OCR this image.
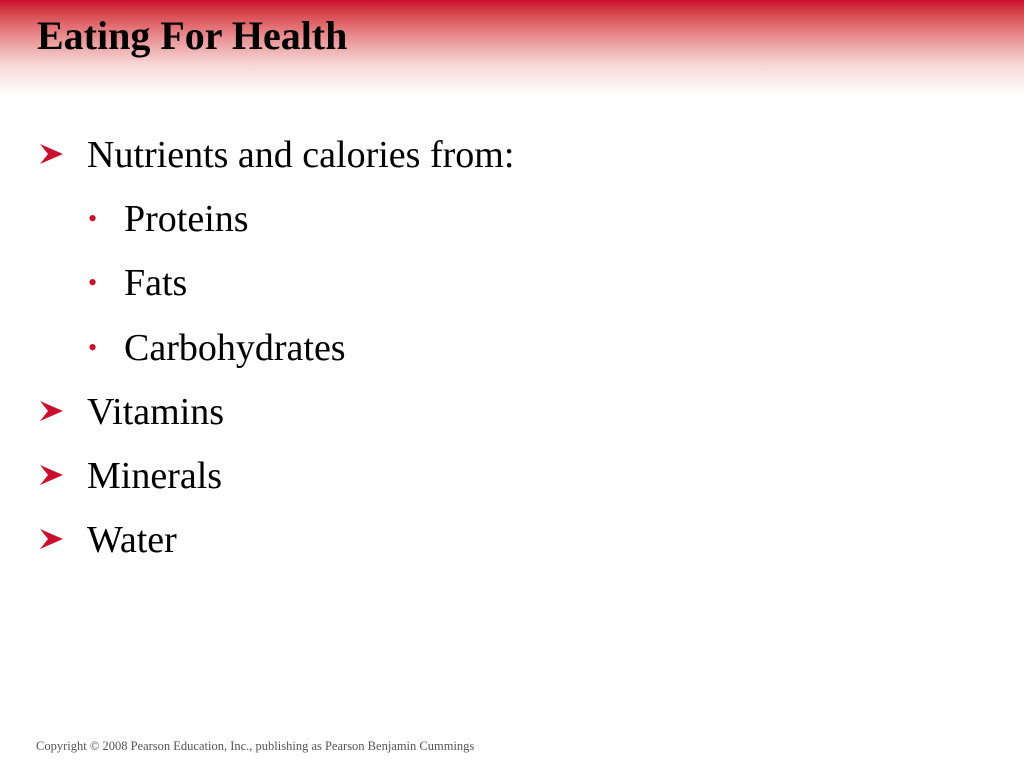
Eating For Health
Nutrients and calories from:
• Proteins
• Fats
• Carbohydrates
Vitamins
Minerals
Water
Copyright © 2008 Pearson Education, Inc., publishing as Pearson Benjamin Cummings
